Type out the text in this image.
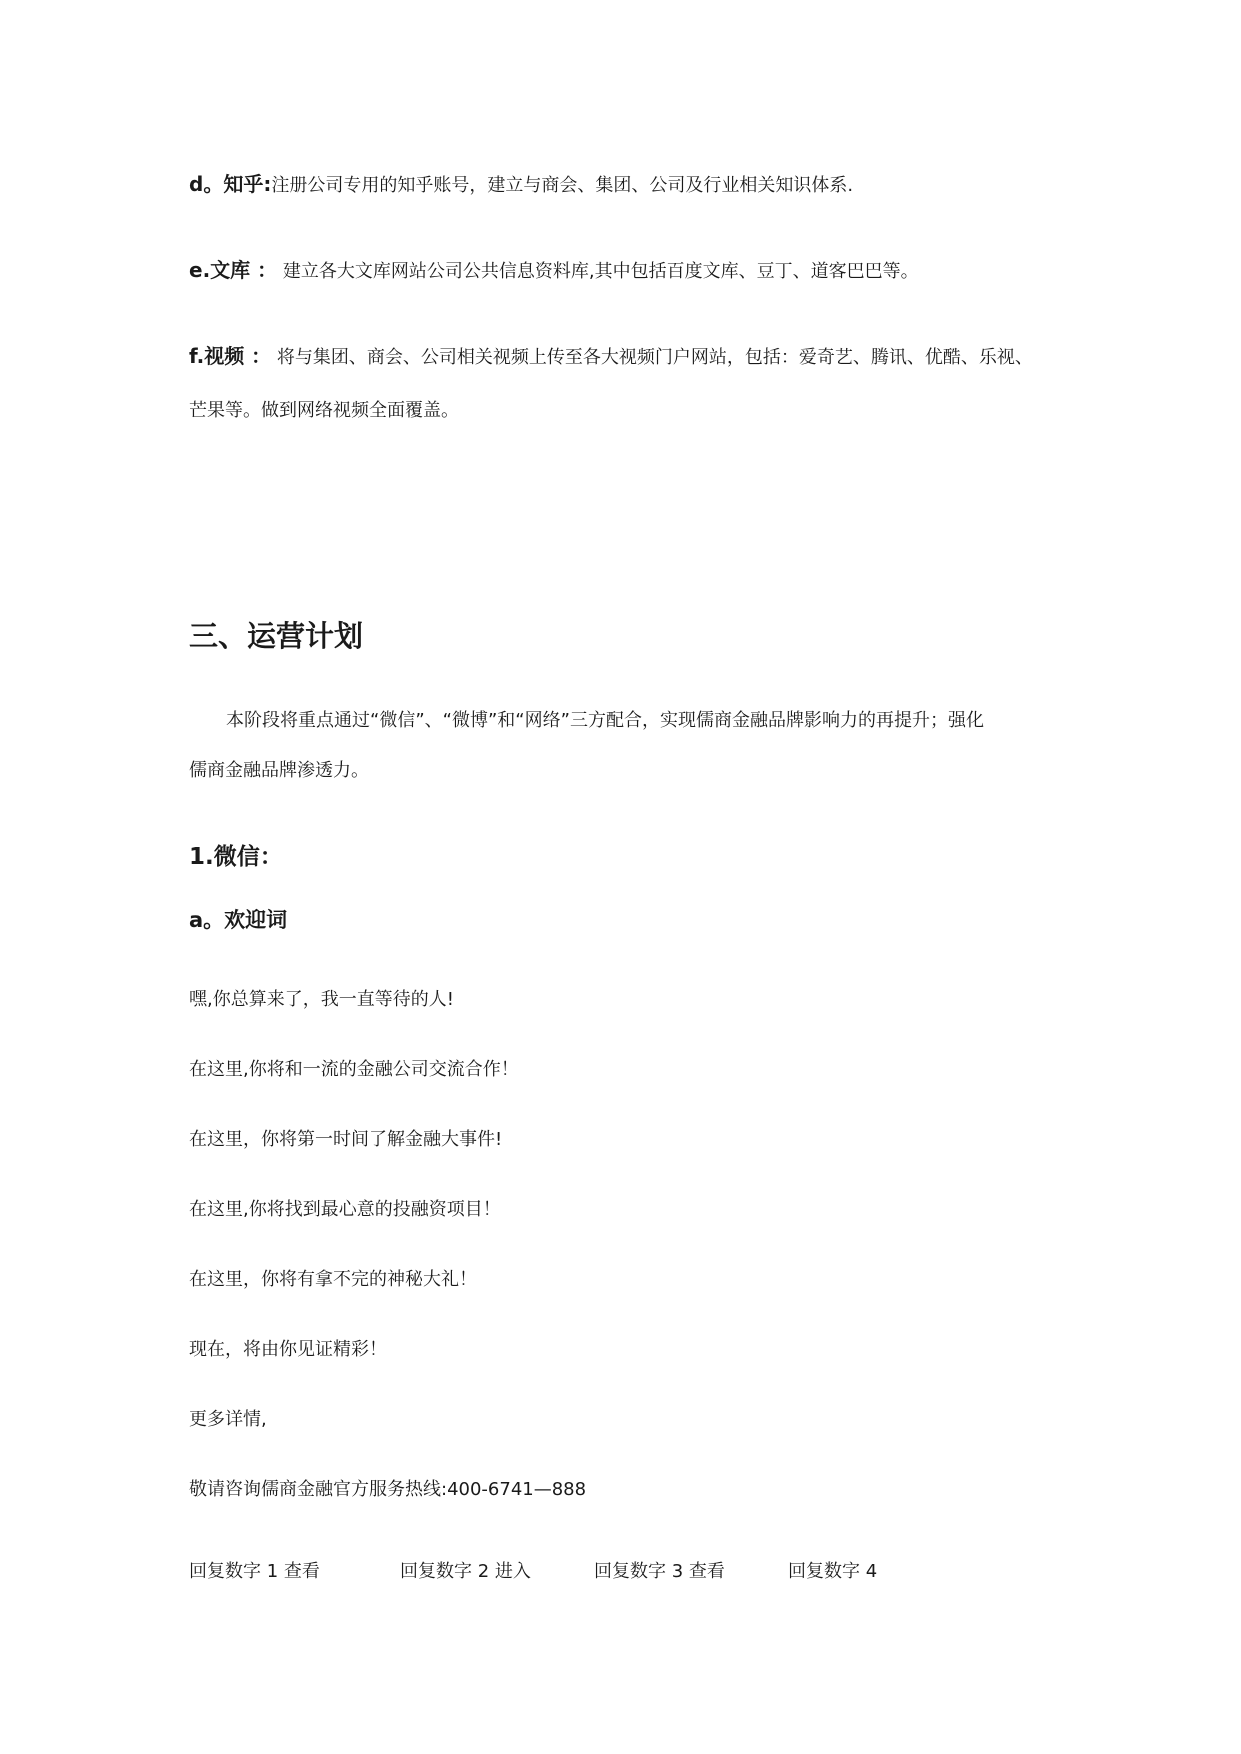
d。知乎:注册公司专用的知乎账号，建立与商会、集团、公司及行业相关知识体系.
e.文库 ： 建立各大文库网站公司公共信息资料库,其中包括百度文库、豆丁、道客巴巴等。
f.视频 ： 将与集团、商会、公司相关视频上传至各大视频门户网站，包括：爱奇艺、腾讯、优酷、乐视、
芒果等。做到网络视频全面覆盖。
三、运营计划
本阶段将重点通过“微信”、“微博”和“网络”三方配合，实现儒商金融品牌影响力的再提升；强化
儒商金融品牌渗透力。
1.微信：
a。欢迎词
嘿,你总算来了，我一直等待的人!
在这里,你将和一流的金融公司交流合作！
在这里，你将第一时间了解金融大事件!
在这里,你将找到最心意的投融资项目！
在这里，你将有拿不完的神秘大礼！
现在，将由你见证精彩！
更多详情,
敬请咨询儒商金融官方服务热线:400-6741—888
回复数字 1 查看	回复数字 2 进入	回复数字 3 查看	回复数字 4
